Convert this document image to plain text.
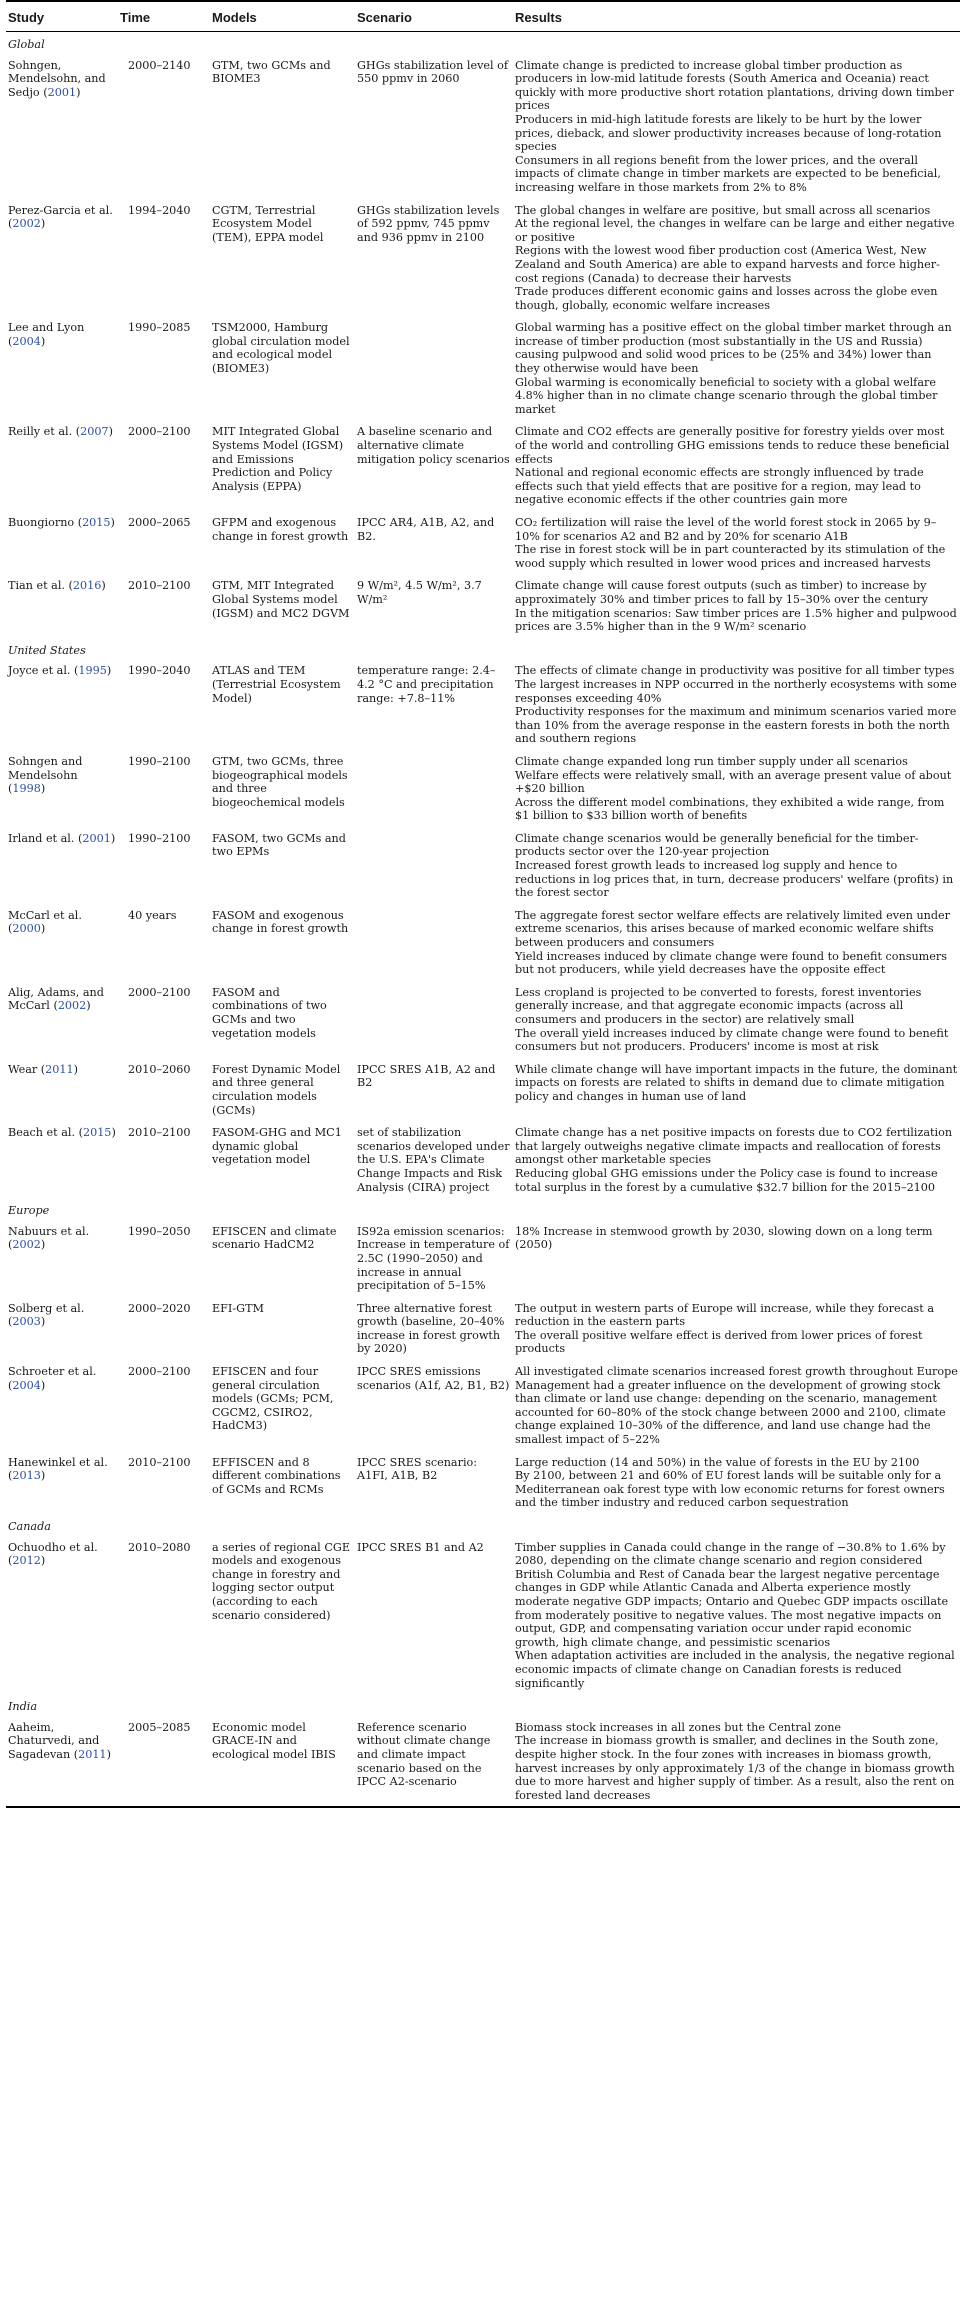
Study	Time	Models	Scenario	Results
Global				
Sohngen, Mendelsohn, and Sedjo (2001)	2000–2140	GTM, two GCMs and BIOME3	GHGs stabilization level of 550 ppmv in 2060	Climate change is predicted to increase global timber production as producers in low-mid latitude forests (South America and Oceania) react quickly with more productive short rotation plantations, driving down timber prices
Producers in mid-high latitude forests are likely to be hurt by the lower prices, dieback, and slower productivity increases because of long-rotation species
Consumers in all regions benefit from the lower prices, and the overall impacts of climate change in timber markets are expected to be beneficial, increasing welfare in those markets from 2% to 8%

Perez-Garcia et al. (2002)	1994–2040	CGTM, Terrestrial Ecosystem Model (TEM), EPPA model	GHGs stabilization levels of 592 ppmv, 745 ppmv and 936 ppmv in 2100	The global changes in welfare are positive, but small across all scenarios
At the regional level, the changes in welfare can be large and either negative or positive
Regions with the lowest wood fiber production cost (America West, New Zealand and South America) are able to expand harvests and force higher-cost regions (Canada) to decrease their harvests
Trade produces different economic gains and losses across the globe even though, globally, economic welfare increases

Lee and Lyon (2004)	1990–2085	TSM2000, Hamburg global circulation model and ecological model (BIOME3)		Global warming has a positive effect on the global timber market through an increase of timber production (most substantially in the US and Russia) causing pulpwood and solid wood prices to be (25% and 34%) lower than they otherwise would have been
Global warming is economically beneficial to society with a global welfare 4.8% higher than in no climate change scenario through the global timber market

Reilly et al. (2007)	2000–2100	MIT Integrated Global Systems Model (IGSM) and Emissions Prediction and Policy Analysis (EPPA)	A baseline scenario and alternative climate mitigation policy scenarios	Climate and CO2 effects are generally positive for forestry yields over most of the world and controlling GHG emissions tends to reduce these beneficial effects
National and regional economic effects are strongly influenced by trade effects such that yield effects that are positive for a region, may lead to negative economic effects if the other countries gain more

Buongiorno (2015)	2000–2065	GFPM and exogenous change in forest growth	IPCC AR4, A1B, A2, and B2.	CO₂ fertilization will raise the level of the world forest stock in 2065 by 9–10% for scenarios A2 and B2 and by 20% for scenario A1B
The rise in forest stock will be in part counteracted by its stimulation of the wood supply which resulted in lower wood prices and increased harvests

Tian et al. (2016)	2010–2100	GTM, MIT Integrated Global Systems model (IGSM) and MC2 DGVM	9 W/m², 4.5 W/m², 3.7 W/m²	Climate change will cause forest outputs (such as timber) to increase by approximately 30% and timber prices to fall by 15–30% over the century
In the mitigation scenarios: Saw timber prices are 1.5% higher and pulpwood prices are 3.5% higher than in the 9 W/m² scenario

United States				
Joyce et al. (1995)	1990–2040	ATLAS and TEM (Terrestrial Ecosystem Model)	temperature range: 2.4–4.2 °C and precipitation range: +7.8–11%	The effects of climate change in productivity was positive for all timber types
The largest increases in NPP occurred in the northerly ecosystems with some responses exceeding 40%
Productivity responses for the maximum and minimum scenarios varied more than 10% from the average response in the eastern forests in both the north and southern regions

Sohngen and Mendelsohn (1998)	1990–2100	GTM, two GCMs, three biogeographical models and three biogeochemical models		Climate change expanded long run timber supply under all scenarios
Welfare effects were relatively small, with an average present value of about +$20 billion
Across the different model combinations, they exhibited a wide range, from $1 billion to $33 billion worth of benefits

Irland et al. (2001)	1990–2100	FASOM, two GCMs and two EPMs		Climate change scenarios would be generally beneficial for the timber-products sector over the 120-year projection
Increased forest growth leads to increased log supply and hence to reductions in log prices that, in turn, decrease producers' welfare (profits) in the forest sector

McCarl et al. (2000)	40 years	FASOM and exogenous change in forest growth		The aggregate forest sector welfare effects are relatively limited even under extreme scenarios, this arises because of marked economic welfare shifts between producers and consumers
Yield increases induced by climate change were found to benefit consumers but not producers, while yield decreases have the opposite effect

Alig, Adams, and McCarl (2002)	2000–2100	FASOM and combinations of two GCMs and two vegetation models		Less cropland is projected to be converted to forests, forest inventories generally increase, and that aggregate economic impacts (across all consumers and producers in the sector) are relatively small
The overall yield increases induced by climate change were found to benefit consumers but not producers. Producers' income is most at risk

Wear (2011)	2010–2060	Forest Dynamic Model and three general circulation models (GCMs)	IPCC SRES A1B, A2 and B2	While climate change will have important impacts in the future, the dominant impacts on forests are related to shifts in demand due to climate mitigation policy and changes in human use of land

Beach et al. (2015)	2010–2100	FASOM-GHG and MC1 dynamic global vegetation model	set of stabilization scenarios developed under the U.S. EPA's Climate Change Impacts and Risk Analysis (CIRA) project	Climate change has a net positive impacts on forests due to CO2 fertilization that largely outweighs negative climate impacts and reallocation of forests amongst other marketable species
Reducing global GHG emissions under the Policy case is found to increase total surplus in the forest by a cumulative $32.7 billion for the 2015–2100

Europe				
Nabuurs et al. (2002)	1990–2050	EFISCEN and climate scenario HadCM2	IS92a emission scenarios: Increase in temperature of 2.5C (1990–2050) and increase in annual precipitation of 5–15%	18% Increase in stemwood growth by 2030, slowing down on a long term (2050)

Solberg et al. (2003)	2000–2020	EFI-GTM	Three alternative forest growth (baseline, 20–40% increase in forest growth by 2020)	The output in western parts of Europe will increase, while they forecast a reduction in the eastern parts
The overall positive welfare effect is derived from lower prices of forest products

Schroeter et al. (2004)	2000–2100	EFISCEN and four general circulation models (GCMs; PCM, CGCM2, CSIRO2, HadCM3)	IPCC SRES emissions scenarios (A1f, A2, B1, B2)	All investigated climate scenarios increased forest growth throughout Europe
Management had a greater influence on the development of growing stock than climate or land use change: depending on the scenario, management accounted for 60–80% of the stock change between 2000 and 2100, climate change explained 10–30% of the difference, and land use change had the smallest impact of 5–22%

Hanewinkel et al. (2013)	2010–2100	EFFISCEN and 8 different combinations of GCMs and RCMs	IPCC SRES scenario: A1FI, A1B, B2	Large reduction (14 and 50%) in the value of forests in the EU by 2100
By 2100, between 21 and 60% of EU forest lands will be suitable only for a Mediterranean oak forest type with low economic returns for forest owners and the timber industry and reduced carbon sequestration

Canada				
Ochuodho et al. (2012)	2010–2080	a series of regional CGE models and exogenous change in forestry and logging sector output (according to each scenario considered)	IPCC SRES B1 and A2	Timber supplies in Canada could change in the range of −30.8% to 1.6% by 2080, depending on the climate change scenario and region considered
British Columbia and Rest of Canada bear the largest negative percentage changes in GDP while Atlantic Canada and Alberta experience mostly moderate negative GDP impacts; Ontario and Quebec GDP impacts oscillate from moderately positive to negative values. The most negative impacts on output, GDP, and compensating variation occur under rapid economic growth, high climate change, and pessimistic scenarios
When adaptation activities are included in the analysis, the negative regional economic impacts of climate change on Canadian forests is reduced significantly

India				
Aaheim, Chaturvedi, and Sagadevan (2011)	2005–2085	Economic model GRACE-IN and ecological model IBIS	Reference scenario without climate change and climate impact scenario based on the IPCC A2-scenario	Biomass stock increases in all zones but the Central zone
The increase in biomass growth is smaller, and declines in the South zone, despite higher stock. In the four zones with increases in biomass growth, harvest increases by only approximately 1/3 of the change in biomass growth due to more harvest and higher supply of timber. As a result, also the rent on forested land decreases
